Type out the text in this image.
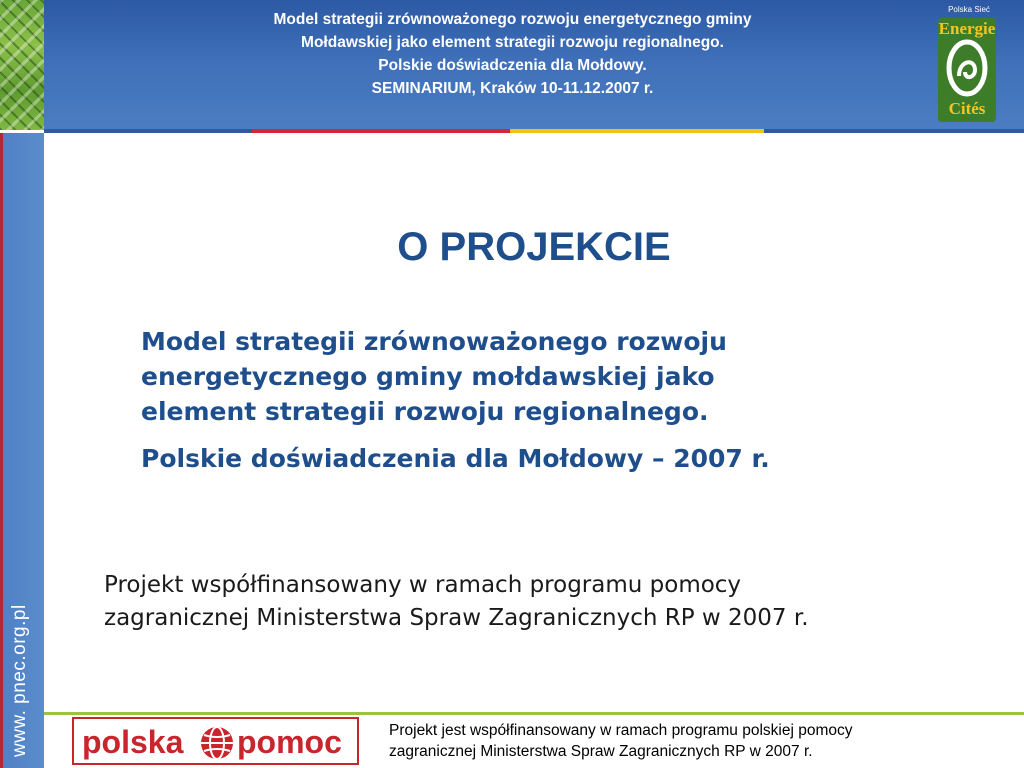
Model strategii zrównoważonego rozwoju energetycznego gminy
Mołdawskiej jako element strategii rozwoju regionalnego.
Polskie doświadczenia dla Mołdowy.
SEMINARIUM, Kraków 10-11.12.2007 r.
Polska Sieć
Energie
Cités
www. pnec.org.pl
O PROJEKCIE
Model strategii zrównoważonego rozwoju
energetycznego gminy mołdawskiej jako
element strategii rozwoju regionalnego.
Polskie doświadczenia dla Mołdowy – 2007 r.
Projekt współfinansowany w ramach programu pomocy
zagranicznej Ministerstwa Spraw Zagranicznych RP w 2007 r.
polska pomoc	Projekt jest współfinansowany w ramach programu polskiej pomocy
zagranicznej Ministerstwa Spraw Zagranicznych RP w 2007 r.
